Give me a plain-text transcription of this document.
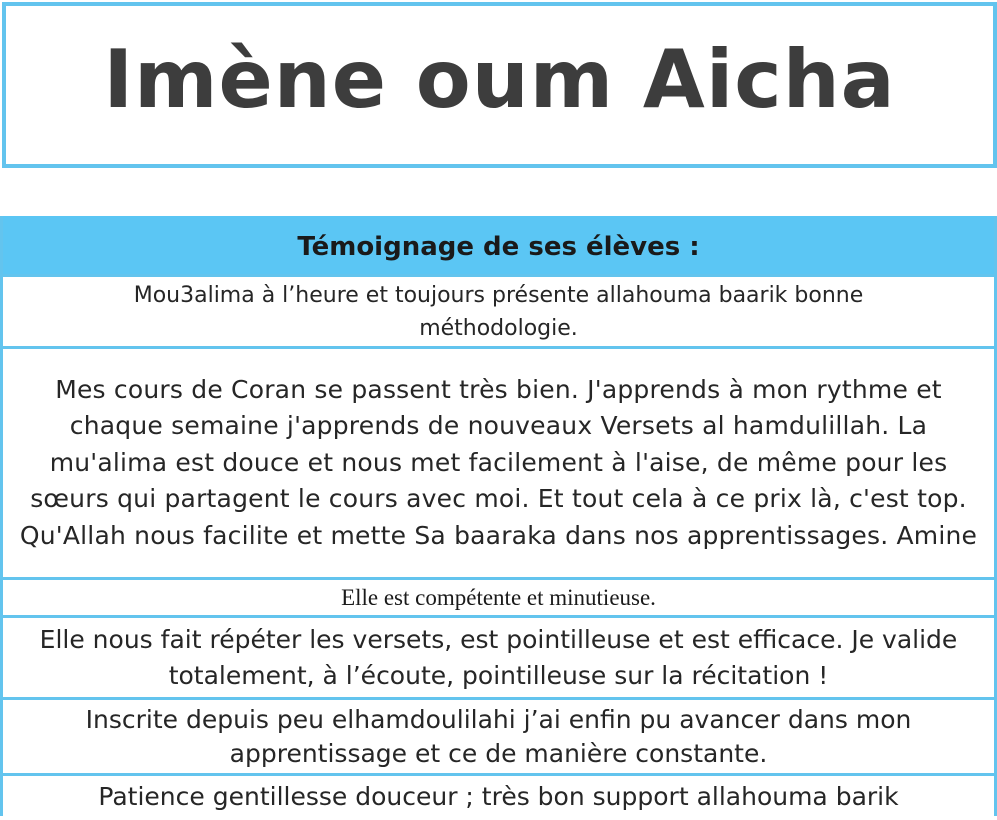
Imène oum Aicha
Témoignage de ses élèves :
Mou3alima à l’heure et toujours présente allahouma baarik bonne méthodologie.
Mes cours de Coran se passent très bien. J'apprends à mon rythme et chaque semaine j'apprends de nouveaux Versets al hamdulillah. La mu'alima est douce et nous met facilement à l'aise, de même pour les sœurs qui partagent le cours avec moi. Et tout cela à ce prix là, c'est top. Qu'Allah nous facilite et mette Sa baaraka dans nos apprentissages. Amine
Elle est compétente et minutieuse.
Elle nous fait répéter les versets, est pointilleuse et est efficace. Je valide totalement, à l’écoute, pointilleuse sur la récitation !
Inscrite depuis peu elhamdoulilahi j’ai enfin pu avancer dans mon apprentissage et ce de manière constante.
Patience gentillesse douceur ; très bon support allahouma barik
